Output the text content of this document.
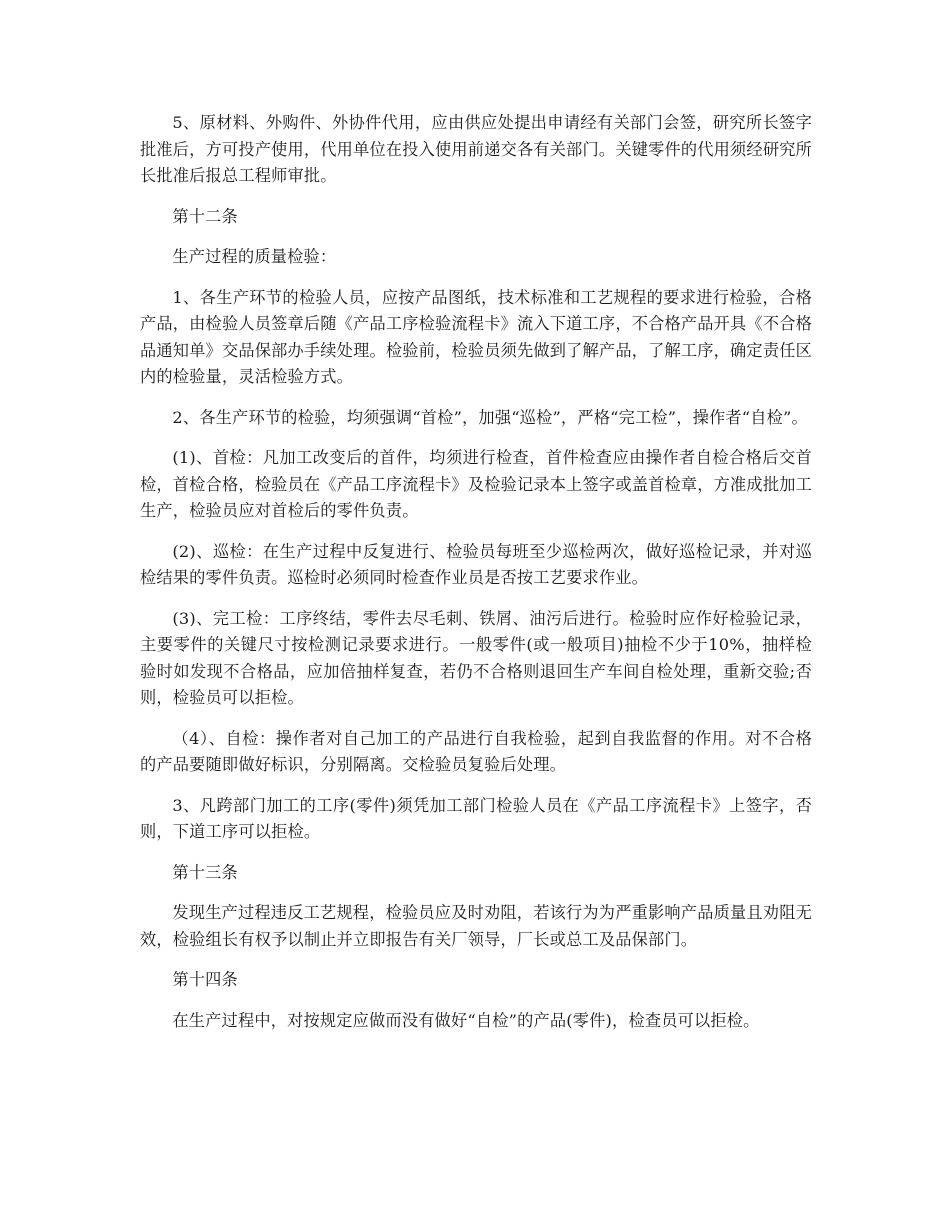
5、原材料、外购件、外协件代用，应由供应处提出申请经有关部门会签，研究所长签字批准后，方可投产使用，代用单位在投入使用前递交各有关部门。关键零件的代用须经研究所长批准后报总工程师审批。

第十二条

生产过程的质量检验：

1、各生产环节的检验人员，应按产品图纸，技术标准和工艺规程的要求进行检验，合格产品，由检验人员签章后随《产品工序检验流程卡》流入下道工序，不合格产品开具《不合格品通知单》交品保部办手续处理。检验前，检验员须先做到了解产品，了解工序，确定责任区内的检验量，灵活检验方式。

2、各生产环节的检验，均须强调“首检”，加强“巡检”，严格“完工检”，操作者“自检”。

(1)、首检：凡加工改变后的首件，均须进行检查，首件检查应由操作者自检合格后交首检，首检合格，检验员在《产品工序流程卡》及检验记录本上签字或盖首检章，方准成批加工生产，检验员应对首检后的零件负责。

(2)、巡检：在生产过程中反复进行、检验员每班至少巡检两次，做好巡检记录，并对巡检结果的零件负责。巡检时必须同时检查作业员是否按工艺要求作业。

(3)、完工检：工序终结，零件去尽毛刺、铁屑、油污后进行。检验时应作好检验记录，主要零件的关键尺寸按检测记录要求进行。一般零件(或一般项目)抽检不少于10%，抽样检验时如发现不合格品，应加倍抽样复查，若仍不合格则退回生产车间自检处理，重新交验;否则，检验员可以拒检。

（4）、自检：操作者对自己加工的产品进行自我检验，起到自我监督的作用。对不合格的产品要随即做好标识，分别隔离。交检验员复验后处理。

3、凡跨部门加工的工序(零件)须凭加工部门检验人员在《产品工序流程卡》上签字，否则，下道工序可以拒检。

第十三条

发现生产过程违反工艺规程，检验员应及时劝阻，若该行为为严重影响产品质量且劝阻无效，检验组长有权予以制止并立即报告有关厂领导，厂长或总工及品保部门。

第十四条

在生产过程中，对按规定应做而没有做好“自检”的产品(零件)，检查员可以拒检。
